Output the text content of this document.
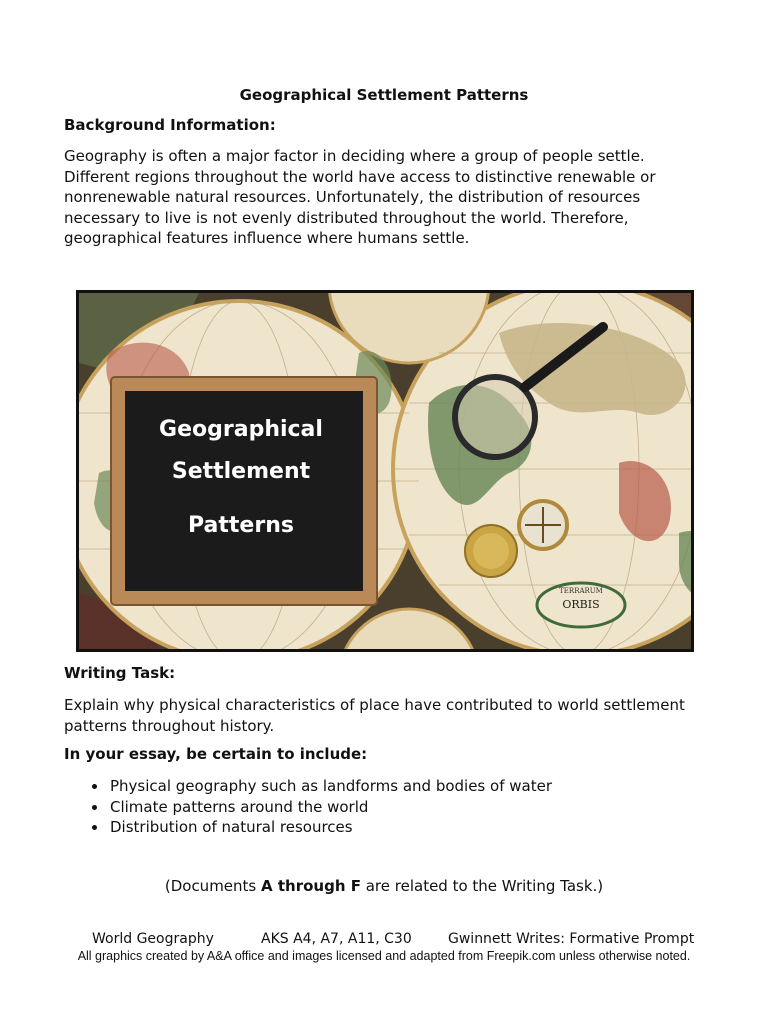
Geographical Settlement Patterns
Background Information:
Geography is often a major factor in deciding where a group of people settle. Different regions throughout the world have access to distinctive renewable or nonrenewable natural resources. Unfortunately, the distribution of resources necessary to live is not evenly distributed throughout the world. Therefore, geographical features influence where humans settle.
TERRARUM
ORBIS
Geographical
Settlement
Patterns
Writing Task:
Explain why physical characteristics of place have contributed to world settlement patterns throughout history.
In your essay, be certain to include:
• Physical geography such as landforms and bodies of water
• Climate patterns around the world
• Distribution of natural resources
(Documents A through F are related to the Writing Task.)
World Geography	AKS A4, A7, A11, C30	Gwinnett Writes: Formative Prompt
All graphics created by A&A office and images licensed and adapted from Freepik.com unless otherwise noted.
